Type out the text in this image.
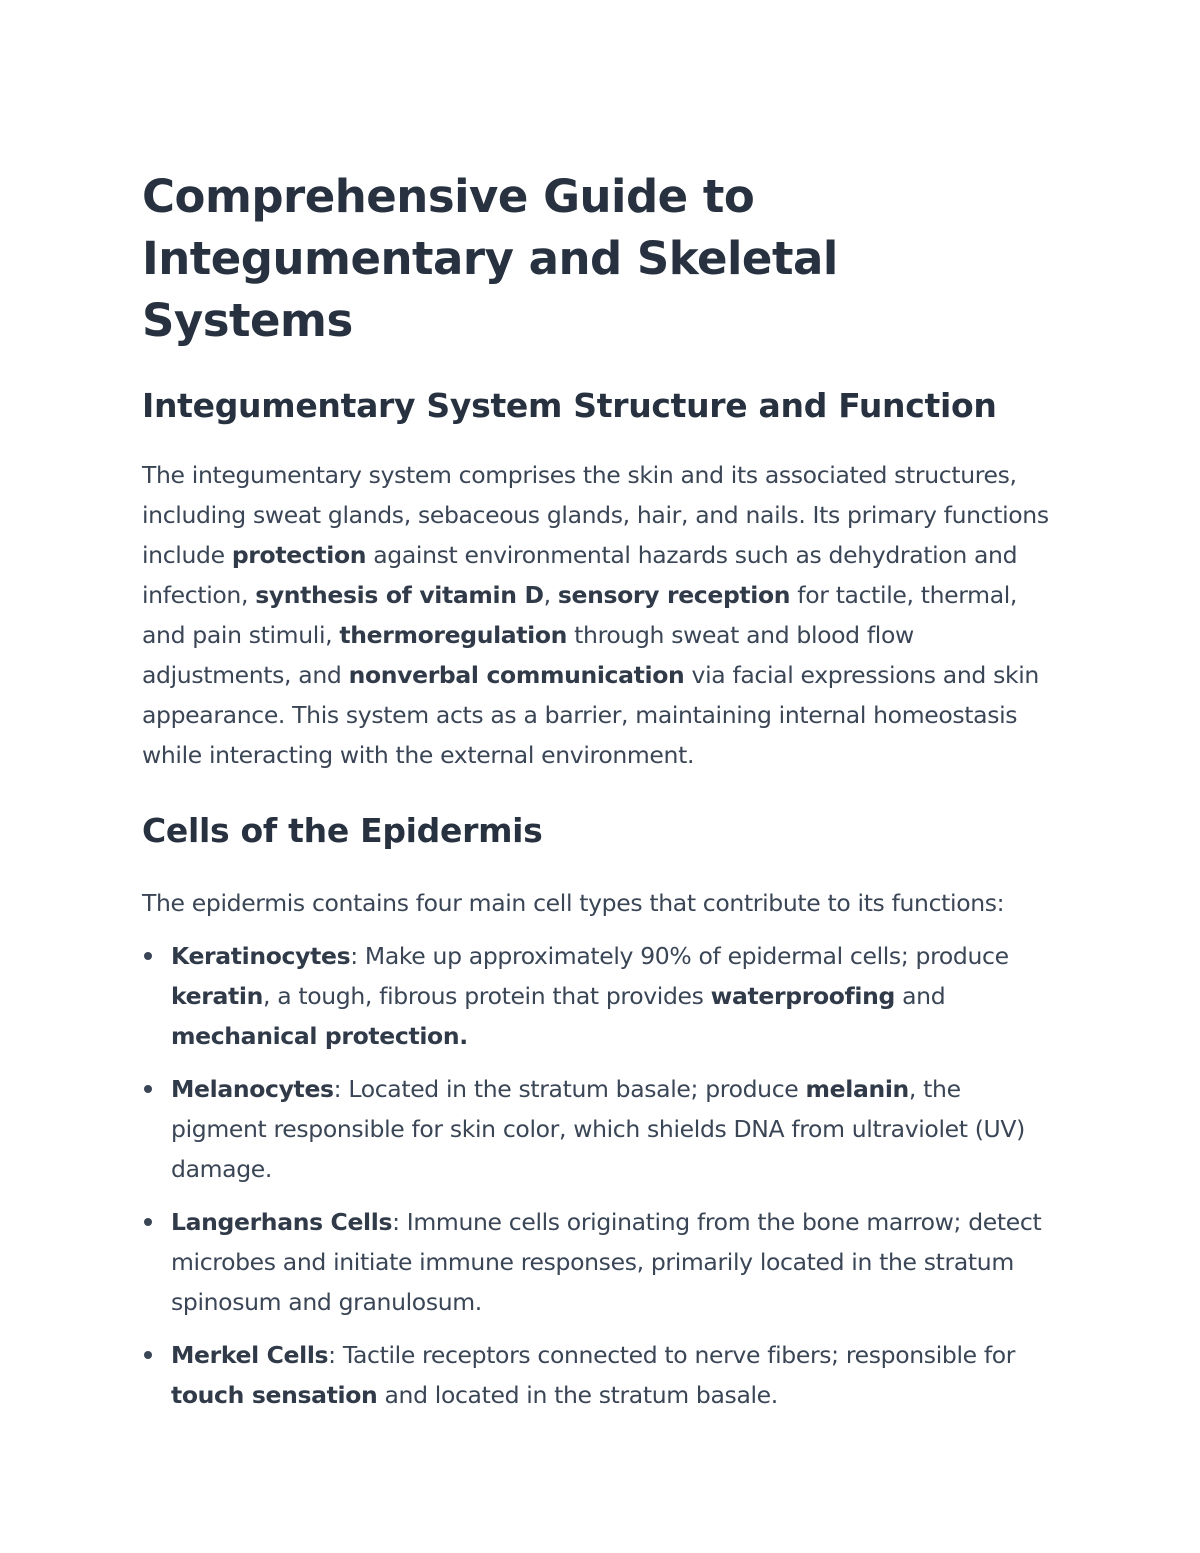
Comprehensive Guide to
Integumentary and Skeletal Systems
Integumentary System Structure and Function

The integumentary system comprises the skin and its associated structures, including sweat glands, sebaceous glands, hair, and nails. Its primary functions include protection against environmental hazards such as dehydration and infection, synthesis of vitamin D, sensory reception for tactile, thermal, and pain stimuli, thermoregulation through sweat and blood flow adjustments, and nonverbal communication via facial expressions and skin appearance. This system acts as a barrier, maintaining internal homeostasis while interacting with the external environment.

Cells of the Epidermis

The epidermis contains four main cell types that contribute to its functions:

Keratinocytes: Make up approximately 90% of epidermal cells; produce keratin, a tough, fibrous protein that provides waterproofing and mechanical protection.
Melanocytes: Located in the stratum basale; produce melanin, the pigment responsible for skin color, which shields DNA from ultraviolet (UV) damage.
Langerhans Cells: Immune cells originating from the bone marrow; detect microbes and initiate immune responses, primarily located in the stratum spinosum and granulosum.
Merkel Cells: Tactile receptors connected to nerve fibers; responsible for touch sensation and located in the stratum basale.
